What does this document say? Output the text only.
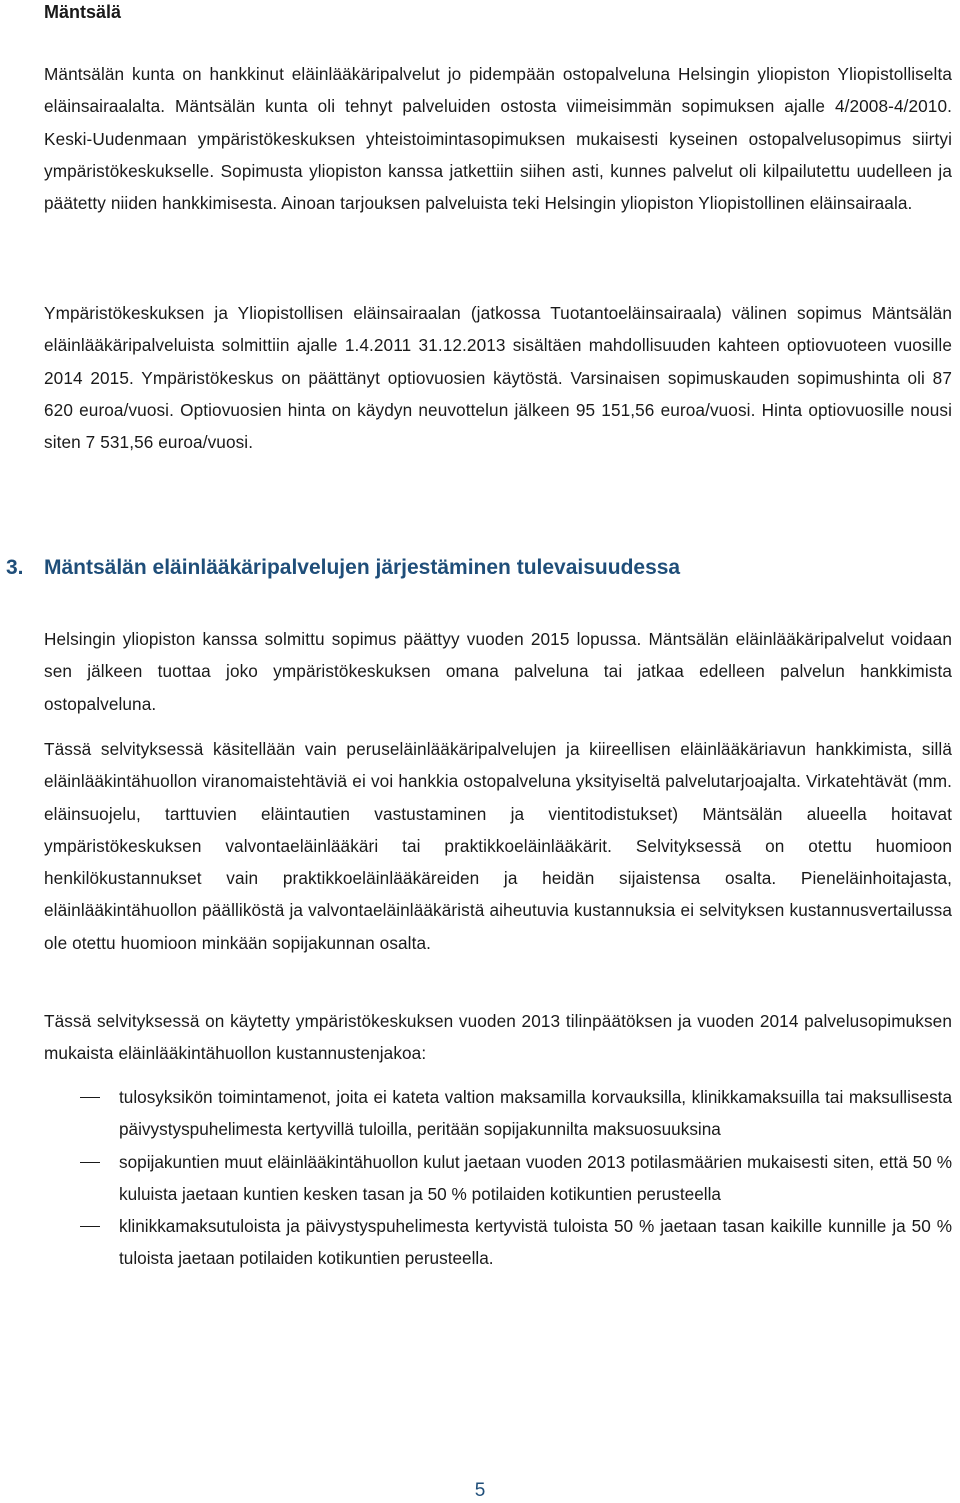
Mäntsälä

Mäntsälän kunta on hankkinut eläinlääkäripalvelut jo pidempään ostopalveluna Helsingin yliopiston Yliopistolliselta eläinsairaalalta. Mäntsälän kunta oli tehnyt palveluiden ostosta viimeisimmän sopimuksen ajalle 4/2008-4/2010. Keski-Uudenmaan ympäristökeskuksen yhteistoimintasopimuksen mukaisesti kyseinen ostopalvelusopimus siirtyi ympäristökeskukselle. Sopimusta yliopiston kanssa jatkettiin siihen asti, kunnes palvelut oli kilpailutettu uudelleen ja päätetty niiden hankkimisesta. Ainoan tarjouksen palveluista teki Helsingin yliopiston Yliopistollinen eläinsairaala.

Ympäristökeskuksen ja Yliopistollisen eläinsairaalan (jatkossa Tuotantoeläinsairaala) välinen sopimus Mäntsälän eläinlääkäripalveluista solmittiin ajalle 1.4.2011 31.12.2013 sisältäen mahdollisuuden kahteen optiovuoteen vuosille 2014 2015. Ympäristökeskus on päättänyt optiovuosien käytöstä. Varsinaisen sopimuskauden sopimushinta oli 87 620 euroa/vuosi. Optiovuosien hinta on käydyn neuvottelun jälkeen 95 151,56 euroa/vuosi. Hinta optiovuosille nousi siten 7 531,56 euroa/vuosi.

3. Mäntsälän eläinlääkäripalvelujen järjestäminen tulevaisuudessa

Helsingin yliopiston kanssa solmittu sopimus päättyy vuoden 2015 lopussa. Mäntsälän eläinlääkäripalvelut voidaan sen jälkeen tuottaa joko ympäristökeskuksen omana palveluna tai jatkaa edelleen palvelun hankkimista ostopalveluna.

Tässä selvityksessä käsitellään vain peruseläinlääkäripalvelujen ja kiireellisen eläinlääkäriavun hankkimista, sillä eläinlääkintähuollon viranomaistehtäviä ei voi hankkia ostopalveluna yksityiseltä palvelutarjoajalta. Virkatehtävät (mm. eläinsuojelu, tarttuvien eläintautien vastustaminen ja vientitodistukset) Mäntsälän alueella hoitavat ympäristökeskuksen valvontaeläinlääkäri tai praktikkoeläinlääkärit. Selvityksessä on otettu huomioon henkilökustannukset vain praktikkoeläinlääkäreiden ja heidän sijaistensa osalta. Pieneläinhoitajasta, eläinlääkintähuollon päälliköstä ja valvontaeläinlääkäristä aiheutuvia kustannuksia ei selvityksen kustannusvertailussa ole otettu huomioon minkään sopijakunnan osalta.

Tässä selvityksessä on käytetty ympäristökeskuksen vuoden 2013 tilinpäätöksen ja vuoden 2014 palvelusopimuksen mukaista eläinlääkintähuollon kustannustenjakoa:

tulosyksikön toimintamenot, joita ei kateta valtion maksamilla korvauksilla, klinikkamaksuilla tai maksullisesta päivystyspuhelimesta kertyvillä tuloilla, peritään sopijakunnilta maksuosuuksina
sopijakuntien muut eläinlääkintähuollon kulut jaetaan vuoden 2013 potilasmäärien mukaisesti siten, että 50 % kuluista jaetaan kuntien kesken tasan ja 50 % potilaiden kotikuntien perusteella
klinikkamaksutuloista ja päivystyspuhelimesta kertyvistä tuloista 50 % jaetaan tasan kaikille kunnille ja 50 % tuloista jaetaan potilaiden kotikuntien perusteella.
5
